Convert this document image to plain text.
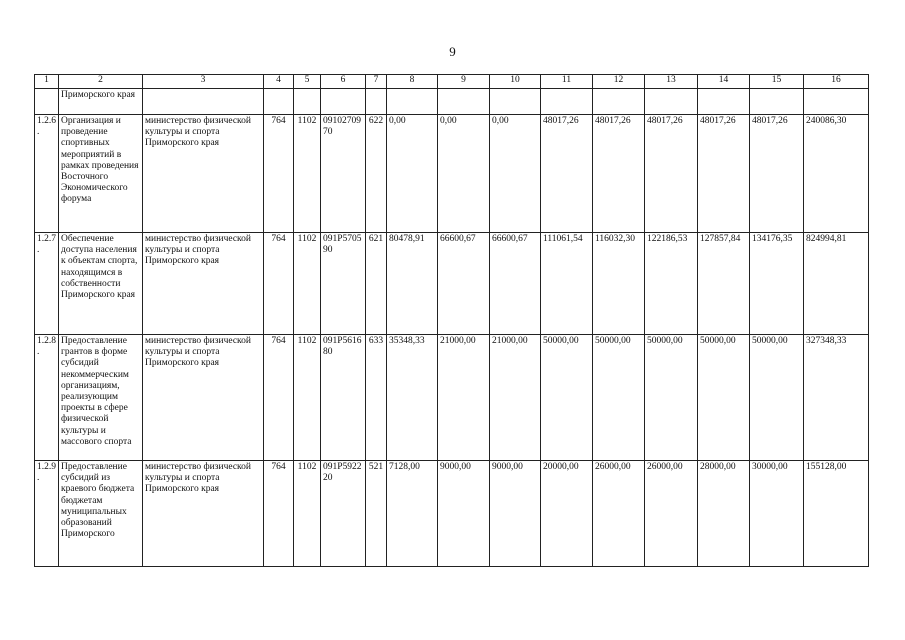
9
1	2	3	4	5	6	7	8	9	10	11	12	13	14	15	16
	Приморского края														
1.2.6
.	Организация и проведение спортивных мероприятий в рамках проведения Восточного Экономического форума	министерство физической культуры и спорта Приморского края	764	1102	0910270970	622	0,00	0,00	0,00	48017,26	48017,26	48017,26	48017,26	48017,26	240086,30
1.2.7
.	Обеспечение доступа населения к объектам спорта, находящимся в собственности Приморского края	министерство физической культуры и спорта Приморского края	764	1102	091P570590	621	80478,91	66600,67	66600,67	111061,54	116032,30	122186,53	127857,84	134176,35	824994,81
1.2.8
.	Предоставление грантов в форме субсидий некоммерческим организациям, реализующим проекты в сфере физической культуры и массового спорта	министерство физической культуры и спорта Приморского края	764	1102	091P561680	633	35348,33	21000,00	21000,00	50000,00	50000,00	50000,00	50000,00	50000,00	327348,33
1.2.9
.	Предоставление субсидий из краевого бюджета бюджетам муниципальных образований Приморского	министерство физической культуры и спорта Приморского края	764	1102	091P592220	521	7128,00	9000,00	9000,00	20000,00	26000,00	26000,00	28000,00	30000,00	155128,00
